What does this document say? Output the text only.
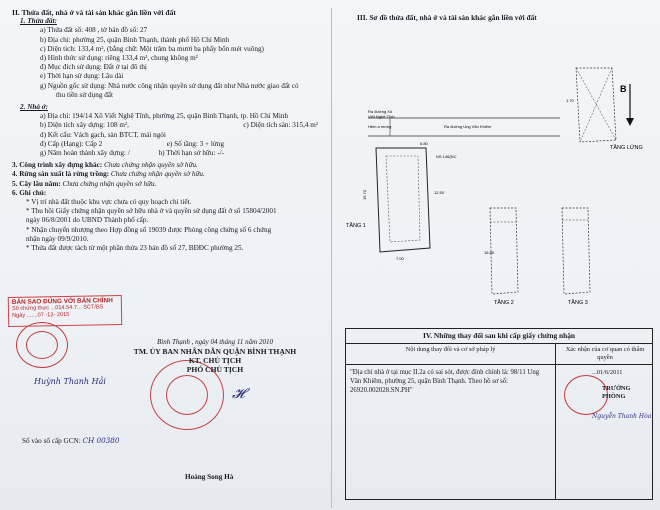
II. Thửa đất, nhà ở và tài sản khác gắn liền với đất
1. Thửa đất:
a) Thửa đất số: 408 , tờ bản đồ số: 27
b) Địa chỉ: phường 25, quận Bình Thạnh, thành phố Hồ Chí Minh
c) Diện tích: 133,4 m², (bằng chữ: Một trăm ba mươi ba phẩy bốn mét vuông)
d) Hình thức sử dụng: riêng 133,4 m², chung không m²
đ) Mục đích sử dụng: Đất ở tại đô thị
e) Thời hạn sử dụng: Lâu dài
g) Nguồn gốc sử dụng: Nhà nước công nhận quyền sử dụng đất như Nhà nước giao đất có
thu tiền sử dụng đất
2. Nhà ở:
a) Địa chỉ: 194/14 Xô Viết Nghệ Tĩnh, phường 25, quận Bình Thạnh, tp. Hồ Chí Minh
b) Diện tích xây dựng: 108 m²,	c) Diện tích sàn: 315,4 m²
d) Kết cấu: Vách gạch, sàn BTCT, mái ngói
đ) Cấp (Hạng): Cấp 2	e) Số tầng: 3 + lửng
g) Năm hoàn thành xây dựng: /	h) Thời hạn sở hữu: -/-
3. Công trình xây dựng khác: Chưa chứng nhận quyền sở hữu.
4. Rừng sản xuất là rừng trồng: Chưa chứng nhận quyền sở hữu.
5. Cây lâu năm: Chưa chứng nhận quyền sở hữu.
6. Ghi chú:
* Vị trí nhà đất thuộc khu vực chưa có quy hoạch chi tiết.
* Thu hồi Giấy chứng nhận quyền sở hữu nhà ở và quyền sử dụng đất ở số 15804/2001
ngày 06/8/2001 do UBND Thành phố cấp.
* Nhận chuyển nhượng theo Hợp đồng số 19039 được Phòng công chứng số 6 chứng
nhận ngày 09/9/2010.
* Thửa đất được tách từ một phần thửa 23 bản đồ số 27, BĐĐC phường 25.
BẢN SAO ĐÚNG VỚI BẢN CHÍNH
Số chứng thực ...014.54.7... SCT/BS
Ngày .......07 -12- 2015
Huỳnh Thanh Hải
Bình Thạnh , ngày 04 tháng 11 năm 2010
TM. ỦY BAN NHÂN DÂN QUẬN BÌNH THẠNH
KT. CHỦ TỊCH
PHÓ CHỦ TỊCH
𝓗
Hoàng Song Hà
Số vào sổ cấp GCN: CH 00380
III. Sơ đồ thửa đất, nhà ở và tài sản khác gắn liền với đất
B
Ra đường Xô
Viết Nghệ Tĩnh
Ra đường Ung Văn Khiêm
Hẻm a mứng
6.80
15.70
7.00
12.50
NS 146(NC
TẦNG 1
16.85
TẦNG 2	TẦNG 3
1.70
TẦNG LỬNG
IV. Những thay đổi sau khi cấp giấy chứng nhận
Nội dung thay đổi và cơ sở pháp lý	Xác nhận của cơ quan có thẩm quyền
"Địa chỉ nhà ở tại mục II.2a có sai sót, được đính chính là: 98/11 Ung Văn Khiêm, phường 25, quận Bình Thạnh. Theo hồ sơ số: 26920.002028.SN.PH"
...01/6/2011
TRƯỞNG PHÒNG
Nguyễn Thanh Hòa
